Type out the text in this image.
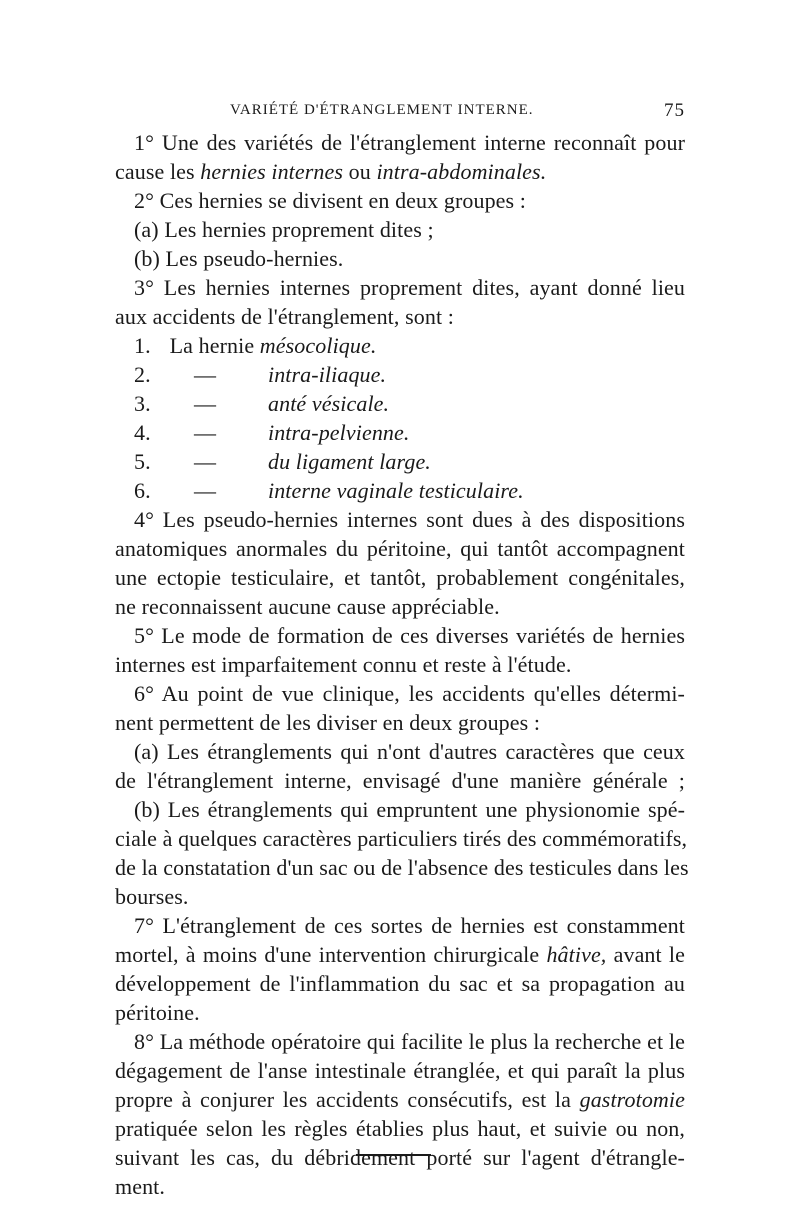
VARIÉTÉ D'ÉTRANGLEMENT INTERNE.	75
1° Une des variétés de l'étranglement interne reconnaît pour
cause les hernies internes ou intra-abdominales.
2° Ces hernies se divisent en deux groupes :
(a) Les hernies proprement dites ;
(b) Les pseudo-hernies.
3° Les hernies internes proprement dites, ayant donné lieu
aux accidents de l'étranglement, sont :
1. La hernie mésocolique.
2. — intra-iliaque.
3. — anté vésicale.
4. — intra-pelvienne.
5. — du ligament large.
6. — interne vaginale testiculaire.
4° Les pseudo-hernies internes sont dues à des dispositions
anatomiques anormales du péritoine, qui tantôt accompagnent
une ectopie testiculaire, et tantôt, probablement congénitales,
ne reconnaissent aucune cause appréciable.
5° Le mode de formation de ces diverses variétés de hernies
internes est imparfaitement connu et reste à l'étude.
6° Au point de vue clinique, les accidents qu'elles détermi-
nent permettent de les diviser en deux groupes :
(a) Les étranglements qui n'ont d'autres caractères que ceux
de l'étranglement interne, envisagé d'une manière générale ;
(b) Les étranglements qui empruntent une physionomie spé-
ciale à quelques caractères particuliers tirés des commémoratifs,
de la constatation d'un sac ou de l'absence des testicules dans les
bourses.
7° L'étranglement de ces sortes de hernies est constamment
mortel, à moins d'une intervention chirurgicale hâtive, avant le
développement de l'inflammation du sac et sa propagation au
péritoine.
8° La méthode opératoire qui facilite le plus la recherche et le
dégagement de l'anse intestinale étranglée, et qui paraît la plus
propre à conjurer les accidents consécutifs, est la gastrotomie
pratiquée selon les règles établies plus haut, et suivie ou non,
suivant les cas, du débridement porté sur l'agent d'étrangle-
ment.
